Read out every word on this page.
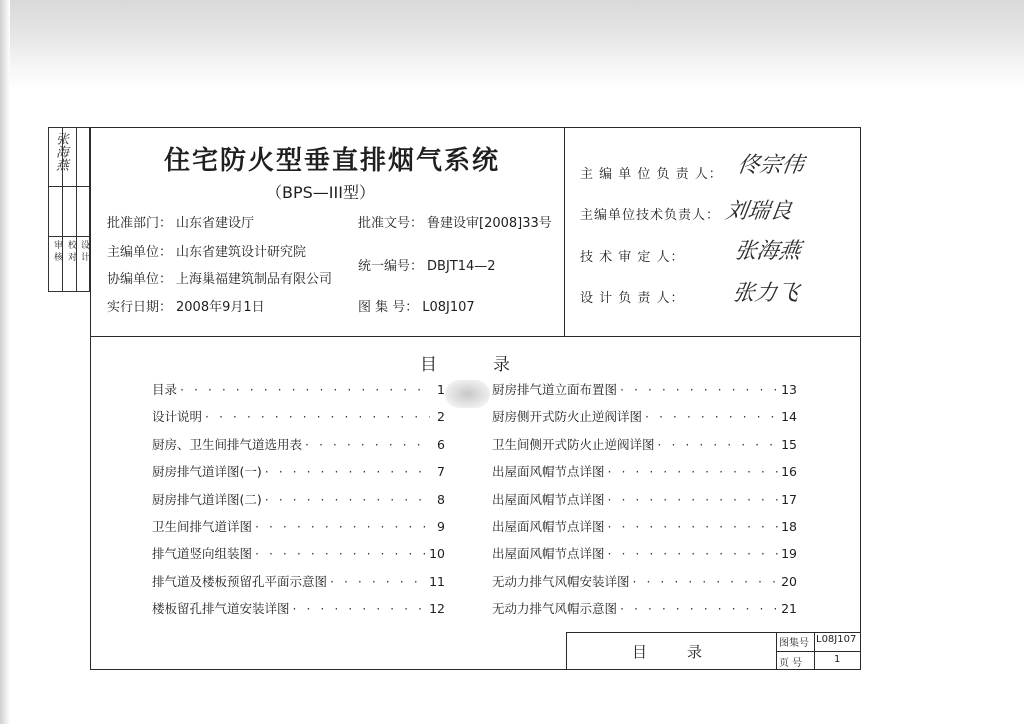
张海燕
校 对
审 核 设 计
住宅防火型垂直排烟气系统
（BPS—III型）
批准部门： 山东省建设厅	批准文号： 鲁建设审[2008]33号
主编单位： 山东省建筑设计研究院
统一编号： DBJT14—2
协编单位： 上海巢福建筑制品有限公司
实行日期： 2008年9月1日	图 集 号： L08J107
主 编 单 位 负 责 人： 佟宗伟
主编单位技术负责人： 刘瑞良
技 术 审 定 人： 张海燕
设 计 负 责 人： 张力飞
目录
目录 · · ·	1
设计说明 · · ·	2
厨房、卫生间排气道选用表 · · ·	6
厨房排气道详图(一) · · ·	7
厨房排气道详图(二) · · ·	8
卫生间排气道详图 · · ·	9
排气道竖向组装图 · · ·	10
排气道及楼板预留孔平面示意图 · · ·	11
楼板留孔排气道安装详图 · · ·	12
厨房排气道立面布置图 · · ·	13
厨房侧开式防火止逆阀详图 · · ·	14
卫生间侧开式防火止逆阀详图 · · ·	15
出屋面风帽节点详图 · · ·	16
出屋面风帽节点详图 · · ·	17
出屋面风帽节点详图 · · ·	18
出屋面风帽节点详图 · · ·	19
无动力排气风帽安装详图 · · ·	20
无动力排气风帽示意图 · · ·	21
目录	图集号 L08J107
页 号	1
